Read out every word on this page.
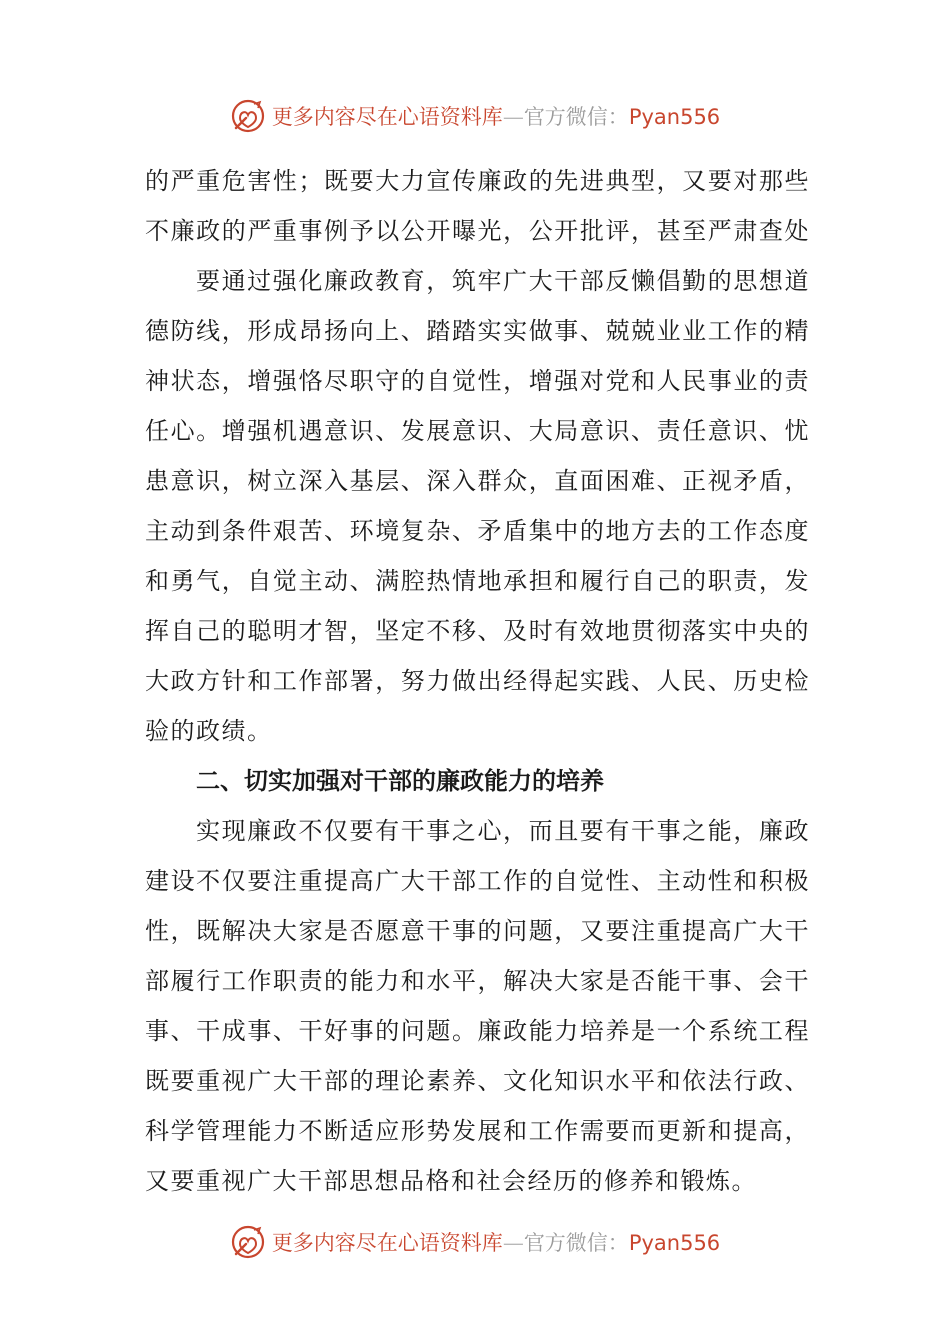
更多内容尽在心语资料库—官方微信：Pyan556
的严重危害性；既要大力宣传廉政的先进典型，又要对那些
不廉政的严重事例予以公开曝光，公开批评，甚至严肃查处
要通过强化廉政教育，筑牢广大干部反懒倡勤的思想道
德防线，形成昂扬向上、踏踏实实做事、兢兢业业工作的精
神状态，增强恪尽职守的自觉性，增强对党和人民事业的责
任心。增强机遇意识、发展意识、大局意识、责任意识、忧
患意识，树立深入基层、深入群众，直面困难、正视矛盾，
主动到条件艰苦、环境复杂、矛盾集中的地方去的工作态度
和勇气，自觉主动、满腔热情地承担和履行自己的职责，发
挥自己的聪明才智，坚定不移、及时有效地贯彻落实中央的
大政方针和工作部署，努力做出经得起实践、人民、历史检
验的政绩。
二、切实加强对干部的廉政能力的培养
实现廉政不仅要有干事之心，而且要有干事之能，廉政
建设不仅要注重提高广大干部工作的自觉性、主动性和积极
性，既解决大家是否愿意干事的问题，又要注重提高广大干
部履行工作职责的能力和水平，解决大家是否能干事、会干
事、干成事、干好事的问题。廉政能力培养是一个系统工程
既要重视广大干部的理论素养、文化知识水平和依法行政、
科学管理能力不断适应形势发展和工作需要而更新和提高，
又要重视广大干部思想品格和社会经历的修养和锻炼。
更多内容尽在心语资料库—官方微信：Pyan556
